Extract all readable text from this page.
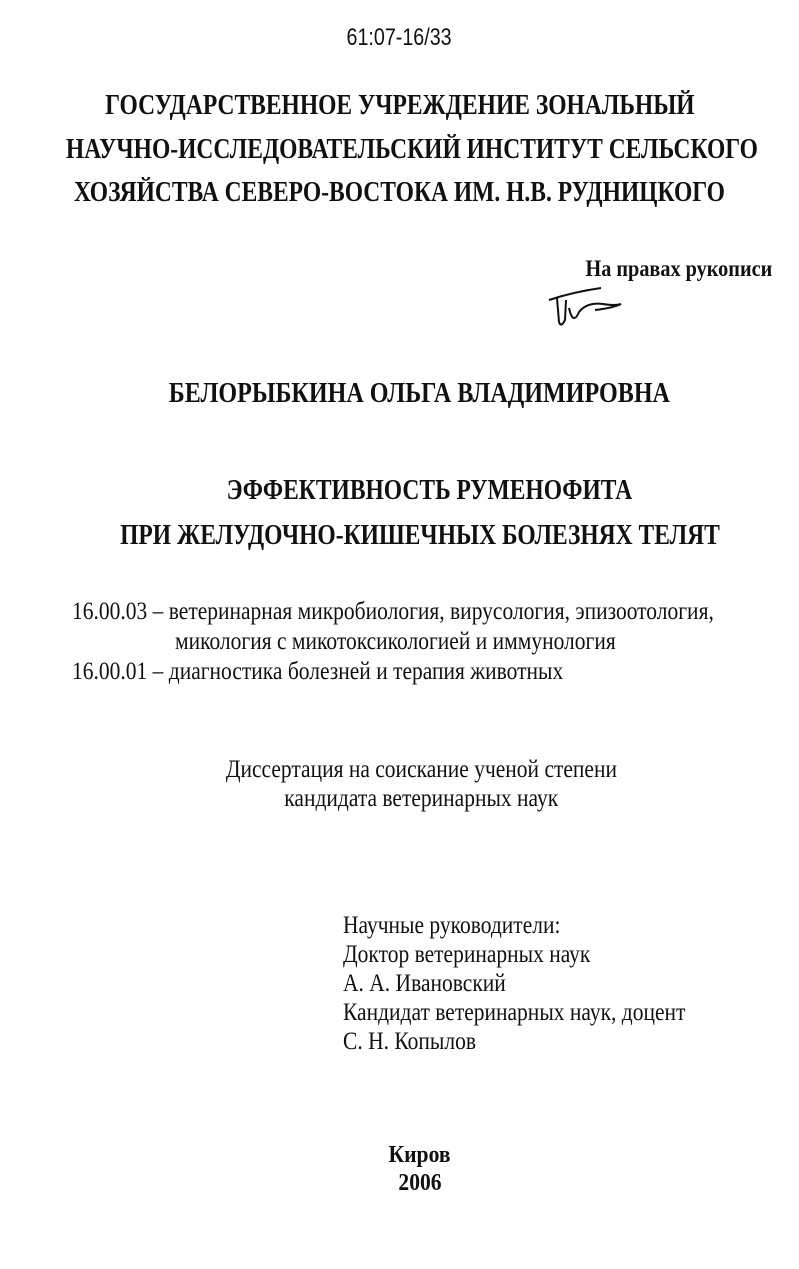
61:07-16/33
ГОСУДАРСТВЕННОЕ УЧРЕЖДЕНИЕ ЗОНАЛЬНЫЙ
НАУЧНО-ИССЛЕДОВАТЕЛЬСКИЙ ИНСТИТУТ СЕЛЬСКОГО
ХОЗЯЙСТВА СЕВЕРО-ВОСТОКА ИМ. Н.В. РУДНИЦКОГО
На правах рукописи
БЕЛОРЫБКИНА ОЛЬГА ВЛАДИМИРОВНА
ЭФФЕКТИВНОСТЬ РУМЕНОФИТА
ПРИ ЖЕЛУДОЧНО-КИШЕЧНЫХ БОЛЕЗНЯХ ТЕЛЯТ
16.00.03 – ветеринарная микробиология, вирусология, эпизоотология,
микология с микотоксикологией и иммунология
16.00.01 – диагностика болезней и терапия животных
Диссертация на соискание ученой степени
кандидата ветеринарных наук
Научные руководители:
Доктор ветеринарных наук
А. А. Ивановский
Кандидат ветеринарных наук, доцент
С. Н. Копылов
Киров
2006
